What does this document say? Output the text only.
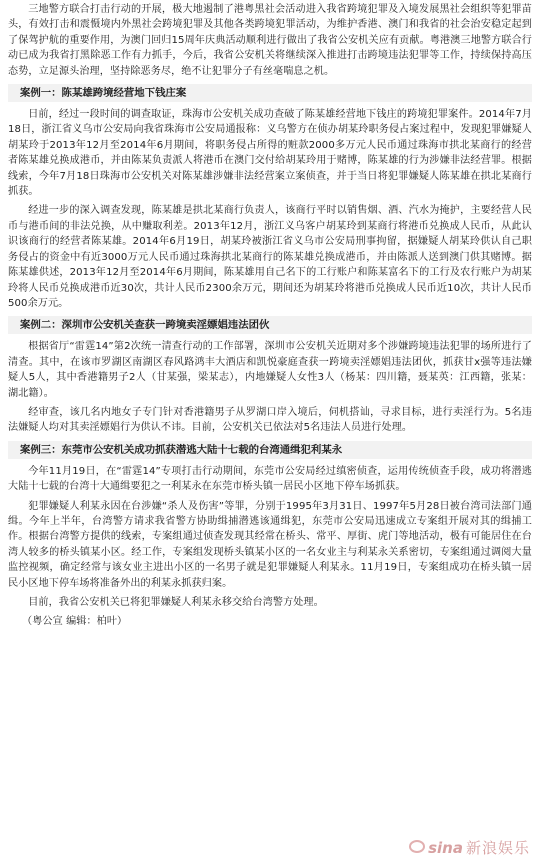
三地警方联合打击行动的开展，极大地遏制了港粤黑社会活动进入我省跨境犯罪及入境发展黑社会组织等犯罪苗头，有效打击和震慑境内外黑社会跨境犯罪及其他各类跨境犯罪活动，为维护香港、澳门和我省的社会治安稳定起到了保驾护航的重要作用，为澳门回归15周年庆典活动顺利进行做出了我省公安机关应有贡献。粤港澳三地警方联合行动已成为我省打黑除恶工作有力抓手，今后，我省公安机关将继续深入推进打击跨境违法犯罪等工作，持续保持高压态势，立足源头治理，坚持除恶务尽，绝不让犯罪分子有丝毫喘息之机。

案例一：陈某雄跨境经营地下钱庄案

日前，经过一段时间的调查取证，珠海市公安机关成功查破了陈某雄经营地下钱庄的跨境犯罪案件。2014年7月18日，浙江省义乌市公安局向我省珠海市公安局通报称：义乌警方在侦办胡某玲职务侵占案过程中，发现犯罪嫌疑人胡某玲于2013年12月至2014年6月期间，将职务侵占所得的赃款2000多万元人民币通过珠海市拱北某商行的经营者陈某雄兑换成港币，并由陈某负责派人将港币在澳门交付给胡某玲用于赌博，陈某雄的行为涉嫌非法经营罪。根据线索，今年7月18日珠海市公安机关对陈某雄涉嫌非法经营案立案侦查，并于当日将犯罪嫌疑人陈某雄在拱北某商行抓获。

经进一步的深入调查发现，陈某雄是拱北某商行负责人，该商行平时以销售烟、酒、汽水为掩护，主要经营人民币与港币间的非法兑换，从中赚取利差。2013年12月，浙江义乌客户胡某玲到某商行将港币兑换成人民币，从此认识该商行的经营者陈某雄。2014年6月19日，胡某玲被浙江省义乌市公安局刑事拘留，据嫌疑人胡某玲供认自己职务侵占的资金中有近3000万元人民币通过珠海拱北某商行的陈某雄兑换成港币，并由陈派人送到澳门供其赌博。据陈某雄供述，2013年12月至2014年6月期间，陈某雄用自己名下的工行账户和陈某富名下的工行及农行账户为胡某玲将人民币兑换成港币近30次，共计人民币2300余万元，期间还为胡某玲将港币兑换成人民币近10次，共计人民币500余万元。

案例二：深圳市公安机关查获一跨境卖淫嫖娼违法团伙

根据省厅“雷霆14”第2次统一清查行动的工作部署，深圳市公安机关近期对多个涉嫌跨境违法犯罪的场所进行了清查。其中，在该市罗湖区南湖区春风路鸿丰大酒店和凯悦豪庭查获一跨境卖淫嫖娼违法团伙，抓获甘x强等违法嫌疑人5人，其中香港籍男子2人（甘某强，梁某志），内地嫌疑人女性3人（杨某：四川籍，聂某英：江西籍，张某：湖北籍）。

经审查，该几名内地女子专门针对香港籍男子从罗湖口岸入境后，伺机搭讪，寻求目标，进行卖淫行为。5名违法嫌疑人均对其卖淫嫖娼行为供认不讳。目前，公安机关已依法对5名违法人员进行处理。

案例三：东莞市公安机关成功抓获潜逃大陆十七载的台湾通缉犯利某永

今年11月19日，在“雷霆14”专项打击行动期间，东莞市公安局经过缜密侦查，运用传统侦查手段，成功将潜逃大陆十七载的台湾十大通缉要犯之一利某永在东莞市桥头镇一居民小区地下停车场抓获。

犯罪嫌疑人利某永因在台涉嫌“杀人及伤害”等罪，分别于1995年3月31日、1997年5月28日被台湾司法部门通缉。今年上半年，台湾警方请求我省警方协助缉捕潜逃该通缉犯，东莞市公安局迅速成立专案组开展对其的缉捕工作。根据台湾警方提供的线索，专案组通过侦查发现其经常在桥头、常平、厚街、虎门等地活动，极有可能居住在台湾人较多的桥头镇某小区。经工作，专案组发现桥头镇某小区的一名女业主与利某永关系密切，专案组通过调阅大量监控视频，确定经常与该女业主进出小区的一名男子就是犯罪嫌疑人利某永。11月19日，专案组成功在桥头镇一居民小区地下停车场将准备外出的利某永抓获归案。

目前，我省公安机关已将犯罪嫌疑人利某永移交给台湾警方处理。

（粤公宣 编辑：柏叶）

sina 新浪娱乐
